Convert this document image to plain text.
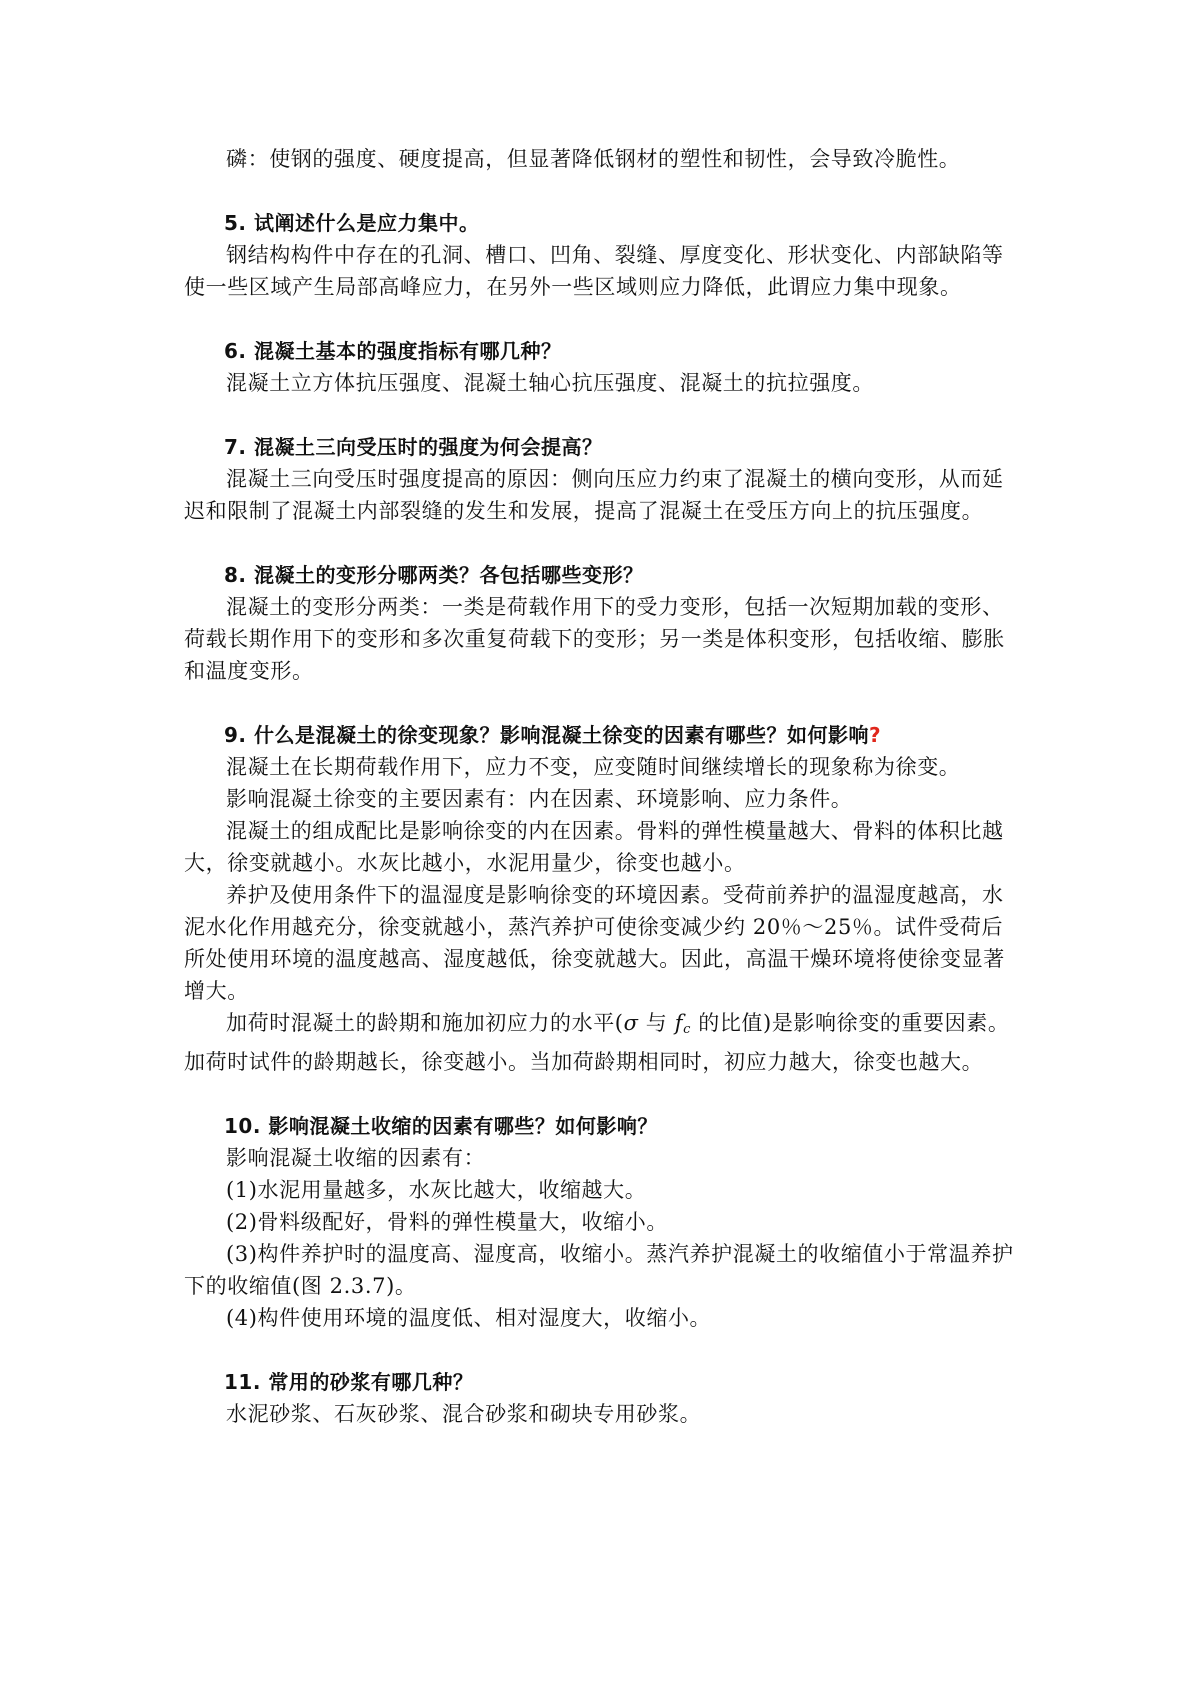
磷：使钢的强度、硬度提高，但显著降低钢材的塑性和韧性，会导致冷脆性。

5. 试阐述什么是应力集中。

钢结构构件中存在的孔洞、槽口、凹角、裂缝、厚度变化、形状变化、内部缺陷等使一些区域产生局部高峰应力，在另外一些区域则应力降低，此谓应力集中现象。

6. 混凝土基本的强度指标有哪几种？

混凝土立方体抗压强度、混凝土轴心抗压强度、混凝土的抗拉强度。

7. 混凝土三向受压时的强度为何会提高？

混凝土三向受压时强度提高的原因：侧向压应力约束了混凝土的横向变形，从而延迟和限制了混凝土内部裂缝的发生和发展，提高了混凝土在受压方向上的抗压强度。

8. 混凝土的变形分哪两类？各包括哪些变形？

混凝土的变形分两类：一类是荷载作用下的受力变形，包括一次短期加载的变形、荷载长期作用下的变形和多次重复荷载下的变形；另一类是体积变形，包括收缩、膨胀和温度变形。

9. 什么是混凝土的徐变现象？影响混凝土徐变的因素有哪些？如何影响?

混凝土在长期荷载作用下，应力不变，应变随时间继续增长的现象称为徐变。

影响混凝土徐变的主要因素有：内在因素、环境影响、应力条件。

混凝土的组成配比是影响徐变的内在因素。骨料的弹性模量越大、骨料的体积比越大，徐变就越小。水灰比越小，水泥用量少，徐变也越小。

养护及使用条件下的温湿度是影响徐变的环境因素。受荷前养护的温湿度越高，水泥水化作用越充分，徐变就越小，蒸汽养护可使徐变减少约 20％～25％。试件受荷后所处使用环境的温度越高、湿度越低，徐变就越大。因此，高温干燥环境将使徐变显著增大。

加荷时混凝土的龄期和施加初应力的水平(σ 与 $f_c$ 的比值)是影响徐变的重要因素。加荷时试件的龄期越长，徐变越小。当加荷龄期相同时，初应力越大，徐变也越大。

10. 影响混凝土收缩的因素有哪些？如何影响？

影响混凝土收缩的因素有：

(1)水泥用量越多，水灰比越大，收缩越大。

(2)骨料级配好，骨料的弹性模量大，收缩小。

(3)构件养护时的温度高、湿度高，收缩小。蒸汽养护混凝土的收缩值小于常温养护下的收缩值(图 2.3.7)。

(4)构件使用环境的温度低、相对湿度大，收缩小。

11. 常用的砂浆有哪几种？

水泥砂浆、石灰砂浆、混合砂浆和砌块专用砂浆。
